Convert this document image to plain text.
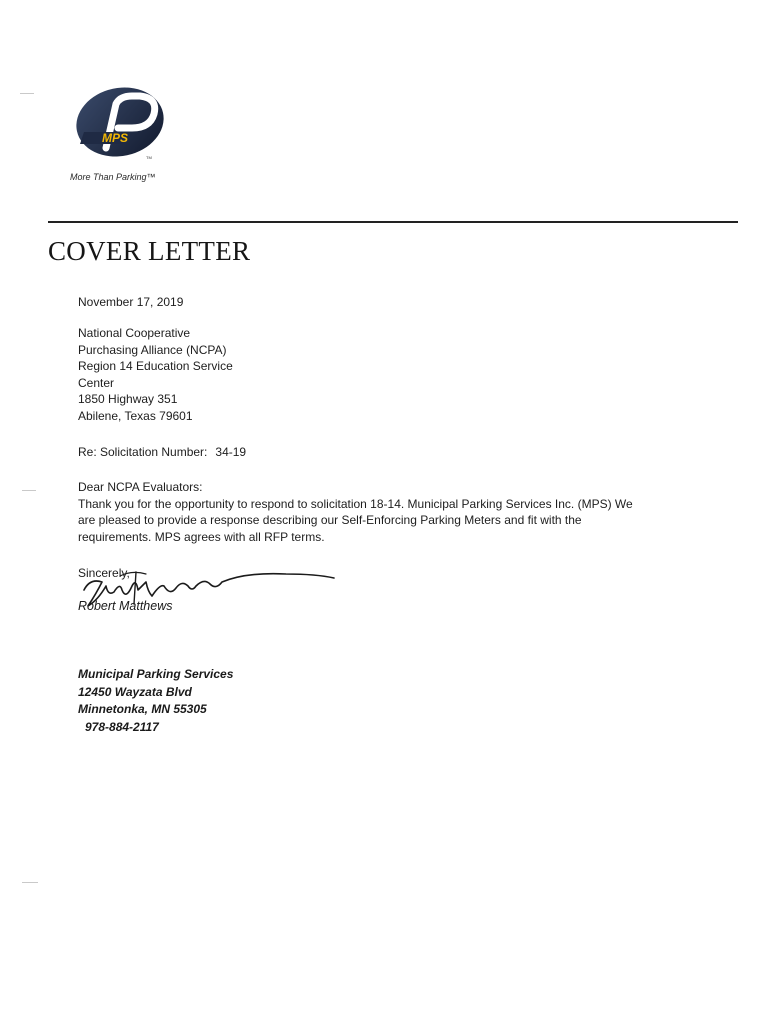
MPS
TM
More Than Parking™
COVER LETTER
November 17, 2019
National Cooperative
Purchasing Alliance (NCPA)
Region 14 Education Service
Center
1850 Highway 351
Abilene, Texas 79601
Re: Solicitation Number: 34-19
Dear NCPA Evaluators:
Thank you for the opportunity to respond to solicitation 18-14. Municipal Parking Services Inc. (MPS) We
are pleased to provide a response describing our Self-Enforcing Parking Meters and fit with the
requirements. MPS agrees with all RFP terms.
Sincerely,
Robert Matthews
Municipal Parking Services
12450 Wayzata Blvd
Minnetonka, MN 55305
978-884-2117
